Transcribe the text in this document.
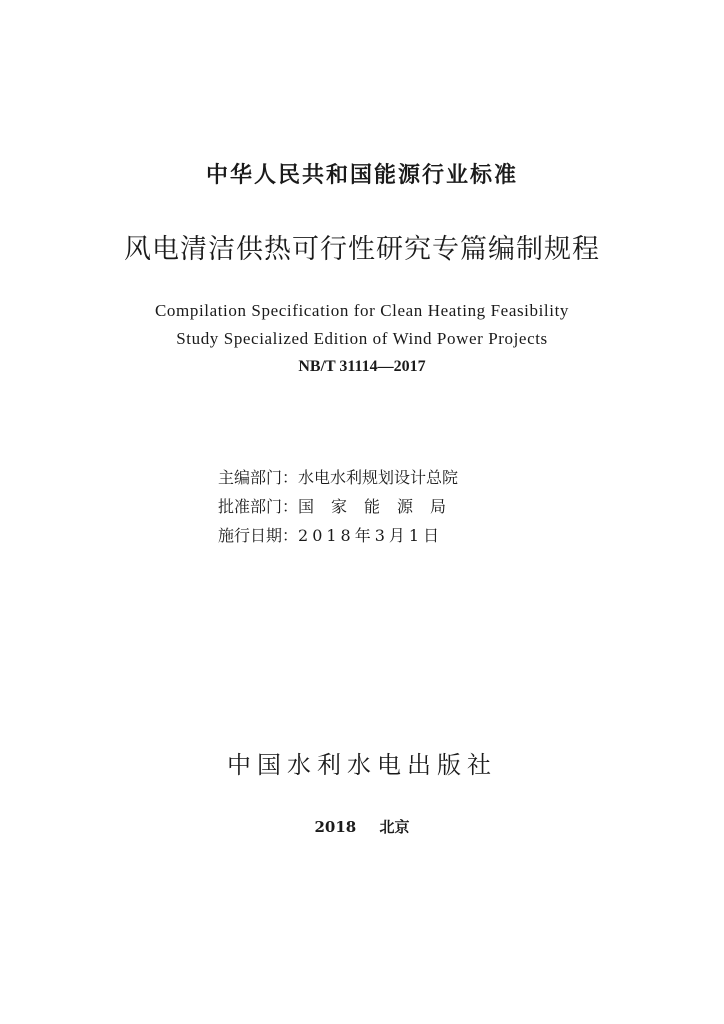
中华人民共和国能源行业标准
风电清洁供热可行性研究专篇编制规程
Compilation Specification for Clean Heating Feasibility
Study Specialized Edition of Wind Power Projects
NB/T 31114—2017
主编部门： 水电水利规划设计总院
批准部门： 国家能源局
施行日期： 2018年3月1日
中国水利水电出版社
2018 北京
